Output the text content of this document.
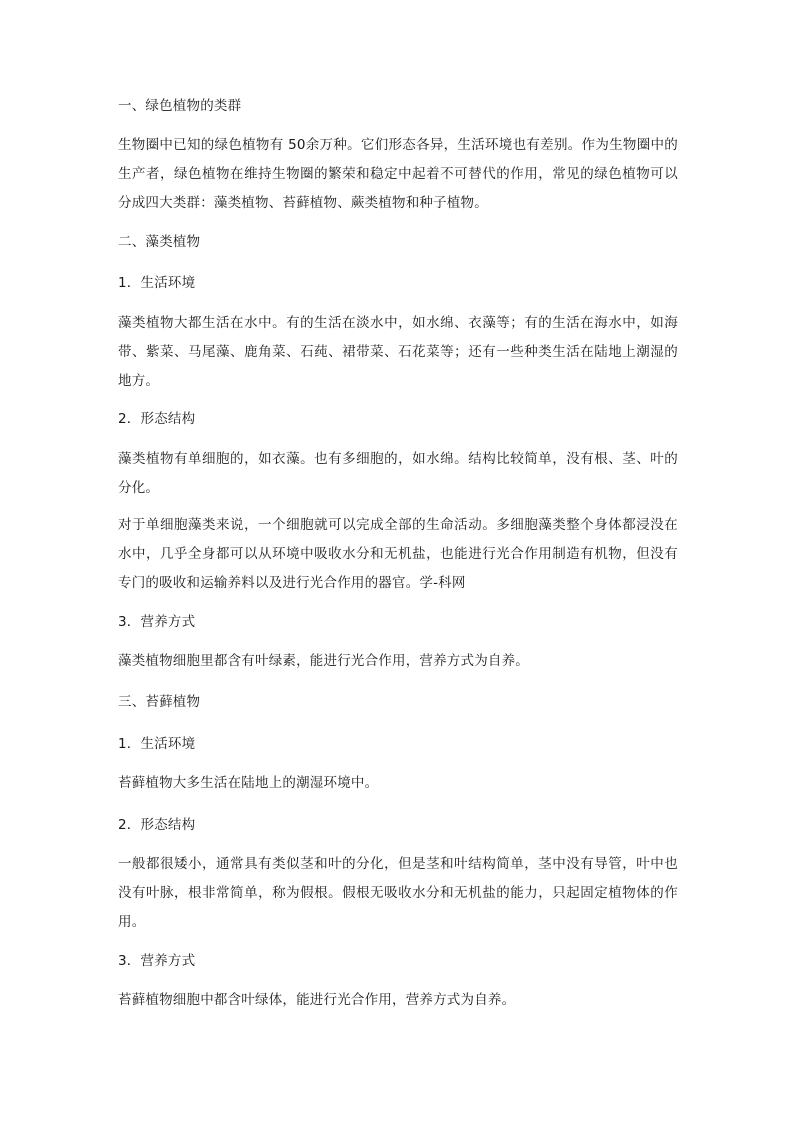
一、绿色植物的类群
生物圈中已知的绿色植物有 50余万种。它们形态各异，生活环境也有差别。作为生物圈中的生产者，绿色植物在维持生物圈的繁荣和稳定中起着不可替代的作用，常见的绿色植物可以分成四大类群：藻类植物、苔藓植物、蕨类植物和种子植物。
二、藻类植物
1．生活环境
藻类植物大都生活在水中。有的生活在淡水中，如水绵、衣藻等；有的生活在海水中，如海带、紫菜、马尾藻、鹿角菜、石莼、裙带菜、石花菜等；还有一些种类生活在陆地上潮湿的地方。
2．形态结构
藻类植物有单细胞的，如衣藻。也有多细胞的，如水绵。结构比较简单，没有根、茎、叶的分化。
对于单细胞藻类来说，一个细胞就可以完成全部的生命活动。多细胞藻类整个身体都浸没在水中，几乎全身都可以从环境中吸收水分和无机盐，也能进行光合作用制造有机物，但没有专门的吸收和运输养料以及进行光合作用的器官。学-科网
3．营养方式
藻类植物细胞里都含有叶绿素，能进行光合作用，营养方式为自养。
三、苔藓植物
1．生活环境
苔藓植物大多生活在陆地上的潮湿环境中。
2．形态结构
一般都很矮小，通常具有类似茎和叶的分化，但是茎和叶结构简单，茎中没有导管，叶中也没有叶脉，根非常简单，称为假根。假根无吸收水分和无机盐的能力，只起固定植物体的作用。
3．营养方式
苔藓植物细胞中都含叶绿体，能进行光合作用，营养方式为自养。
